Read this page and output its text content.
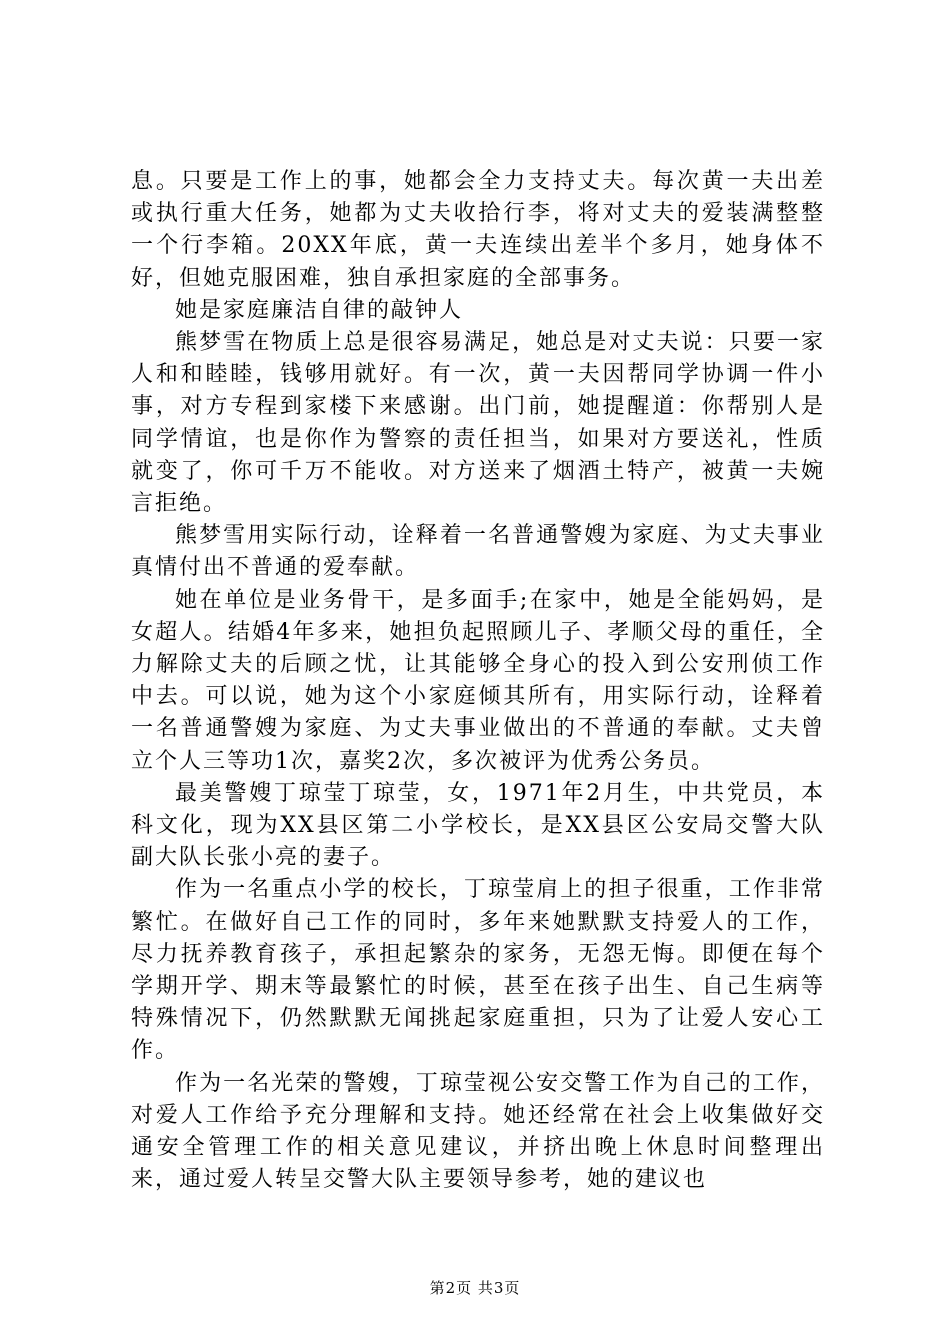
息。只要是工作上的事，她都会全力支持丈夫。每次黄一夫出差或执行重大任务，她都为丈夫收拾行李，将对丈夫的爱装满整整一个行李箱。20XX年底，黄一夫连续出差半个多月，她身体不好，但她克服困难，独自承担家庭的全部事务。

她是家庭廉洁自律的敲钟人

熊梦雪在物质上总是很容易满足，她总是对丈夫说：只要一家人和和睦睦，钱够用就好。有一次，黄一夫因帮同学协调一件小事，对方专程到家楼下来感谢。出门前，她提醒道：你帮别人是同学情谊，也是你作为警察的责任担当，如果对方要送礼，性质就变了，你可千万不能收。对方送来了烟酒土特产，被黄一夫婉言拒绝。

熊梦雪用实际行动，诠释着一名普通警嫂为家庭、为丈夫事业真情付出不普通的爱奉献。

她在单位是业务骨干，是多面手;在家中，她是全能妈妈，是女超人。结婚4年多来，她担负起照顾儿子、孝顺父母的重任，全力解除丈夫的后顾之忧，让其能够全身心的投入到公安刑侦工作中去。可以说，她为这个小家庭倾其所有，用实际行动，诠释着一名普通警嫂为家庭、为丈夫事业做出的不普通的奉献。丈夫曾立个人三等功1次，嘉奖2次，多次被评为优秀公务员。

最美警嫂丁琼莹丁琼莹，女，1971年2月生，中共党员，本科文化，现为XX县区第二小学校长，是XX县区公安局交警大队副大队长张小亮的妻子。

作为一名重点小学的校长，丁琼莹肩上的担子很重，工作非常繁忙。在做好自己工作的同时，多年来她默默支持爱人的工作，尽力抚养教育孩子，承担起繁杂的家务，无怨无悔。即便在每个学期开学、期末等最繁忙的时候，甚至在孩子出生、自己生病等特殊情况下，仍然默默无闻挑起家庭重担，只为了让爱人安心工作。

作为一名光荣的警嫂，丁琼莹视公安交警工作为自己的工作，对爱人工作给予充分理解和支持。她还经常在社会上收集做好交通安全管理工作的相关意见建议，并挤出晚上休息时间整理出来，通过爱人转呈交警大队主要领导参考，她的建议也

第2页 共3页
